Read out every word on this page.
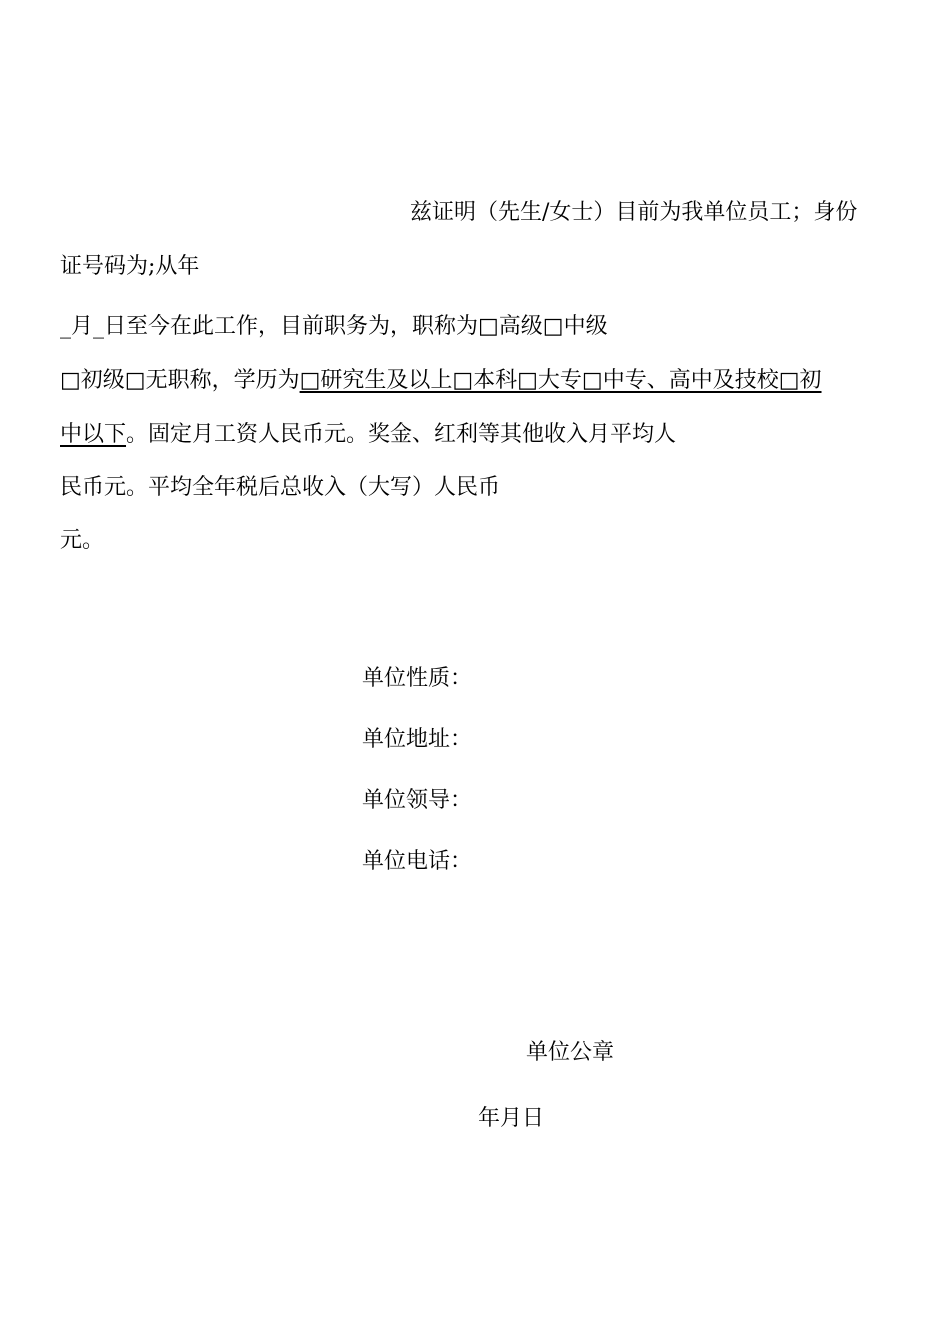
兹证明（先生/女士）目前为我单位员工；身份
证号码为;从年
_月_日至今在此工作，目前职务为，职称为□高级□中级
□初级□无职称，学历为□研究生及以上□本科□大专□中专、高中及技校□初
中以下。固定月工资人民币元。奖金、红利等其他收入月平均人
民币元。平均全年税后总收入（大写）人民币
元。
单位性质：
单位地址：
单位领导：
单位电话：
单位公章
年月日
